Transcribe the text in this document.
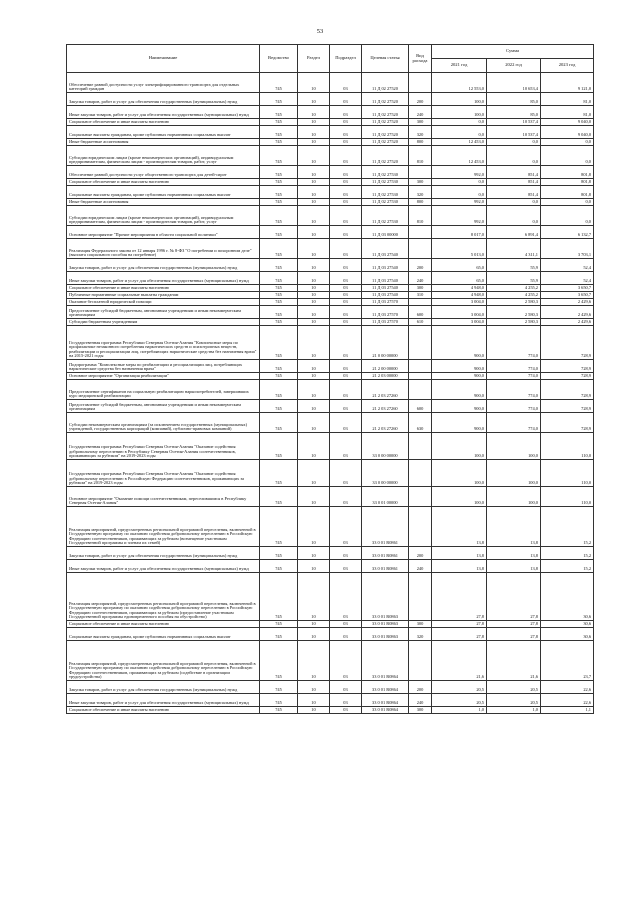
53
Наименование	Ведомство	Раздел	Подраздел	Целевая статья	Вид расхода	Сумма		
						2021 год	2022 год	2023 год
Обеспечение равной доступности услуг электрифицированного транспорта для отдельных категорий граждан	745	10	03	11 Д 02 27520		12 553,0	10 653,4	9 121,0
Закупка товаров, работ и услуг для обеспечения государственных (муниципальных) нужд	745	10	03	11 Д 02 27520	200	100,0	85,0	81,0
Иные закупки товаров, работ и услуг для обеспечения государственных (муниципальных) нужд	745	10	03	11 Д 02 27520	240	100,0	85,0	81,0
Социальное обеспечение и иные выплаты населению	745	10	03	11 Д 02 27520	300	0,0	10 537,4	9 040,0
Социальные выплаты гражданам, кроме публичных нормативных социальных выплат	745	10	03	11 Д 02 27520	320	0,0	10 537,4	9 040,0
Иные бюджетные ассигнования	745	10	03	11 Д 02 27520	800	12 453,0	0,0	0,0
Субсидии юридическим лицам (кроме некоммерческих организаций), индивидуальным предпринимателям, физическим лицам - производителям товаров, работ, услуг	745	10	03	11 Д 02 27520	810	12 453,0	0,0	0,0
Обеспечение равной доступности услуг общественного транспорта для детей-сирот	745	10	03	11 Д 02 27530		992,0	851,4	801,8
Социальное обеспечение и иные выплаты населению	745	10	03	11 Д 02 27530	300	0,0	851,4	801,8
Социальные выплаты гражданам, кроме публичных нормативных социальных выплат	745	10	03	11 Д 02 27530	320	0,0	851,4	801,8
Иные бюджетные ассигнования	745	10	03	11 Д 02 27530	800	992,0	0,0	0,0
Субсидии юридическим лицам (кроме некоммерческих организаций), индивидуальным предпринимателям, физическим лицам - производителям товаров, работ, услуг	745	10	03	11 Д 02 27530	810	992,0	0,0	0,0
Основное мероприятие "Прочие мероприятия в области социальной политики"	745	10	03	11 Д 03 00000		8 017,0	6 891,4	6 132,7
Реализация Федерального закона от 12 января 1996 г. № 8-ФЗ "О погребении и похоронном деле" (выплата социального пособия на погребение)	745	10	03	11 Д 03 27540		5 013,0	4 311,1	3 703,1
Закупка товаров, работ и услуг для обеспечения государственных (муниципальных) нужд	745	10	03	11 Д 03 27540	200	65,0	55,9	52,4
Иные закупки товаров, работ и услуг для обеспечения государственных (муниципальных) нужд	745	10	03	11 Д 03 27540	240	65,0	55,9	52,4
Социальное обеспечение и иные выплаты населению	745	10	03	11 Д 03 27540	300	4 948,0	4 255,2	3 650,7
Публичные нормативные социальные выплаты гражданам	745	10	03	11 Д 03 27540	310	4 948,0	4 255,2	3 650,7
Оказание бесплатной юридической помощи	745	10	03	11 Д 03 27570		3 004,0	2 580,3	2 429,6
Предоставление субсидий бюджетным, автономным учреждениям и иным некоммерческим организациям	745	10	03	11 Д 03 27570	600	3 004,0	2 580,3	2 429,6
Субсидии бюджетным учреждениям	745	10	03	11 Д 03 27570	610	3 004,0	2 580,3	2 429,6
Государственная программа Республики Северная Осетия-Алания "Комплексные меры по профилактике незаконного потребления наркотических средств и психотропных веществ, реабилитации и ресоциализации лиц, потребляющих наркотические средства без назначения врача" на 2015-2021 годы	745	10	03	21 0 00 00000		900,0	774,0	728,9
Подпрограмма "Комплексные меры по реабилитации и ресоциализации лиц, потребляющих наркотические средства без назначения врача"	745	10	03	21 2 00 00000		900,0	774,0	728,9
Основное мероприятие "Организация реабилитации"	745	10	03	21 2 03 00000		900,0	774,0	728,9
Предоставление сертификатов на социальную реабилитацию наркопотребителей, завершивших курс медицинской реабилитации	745	10	03	21 2 03 27260		900,0	774,0	728,9
Предоставление субсидий бюджетным, автономным учреждениям и иным некоммерческим организациям	745	10	03	21 2 03 27260	600	900,0	774,0	728,9
Субсидии некоммерческим организациям (за исключением государственных (муниципальных) учреждений, государственных корпораций (компаний), публично-правовых компаний)	745	10	03	21 2 03 27260	630	900,0	774,0	728,9
Государственная программа Республики Северная Осетия-Алания "Оказание содействия добровольному переселению в Республику Северная Осетия-Алания соотечественников, проживающих за рубежом" на 2019-2023 годы	745	10	03	33 0 00 00000		100,0	100,0	110,0
Государственная программа Республики Северная Осетия-Алания "Оказание содействия добровольному переселению в Российскую Федерацию соотечественников, проживающих за рубежом" на 2019-2023 годы	745	10	03	33 0 00 00000		100,0	100,0	110,0
Основное мероприятие "Оказание помощи соотечественникам, переселившимся в Республику Северная Осетия-Алания"	745	10	03	33 0 01 00000		100,0	100,0	110,0
Реализация мероприятий, предусмотренных региональной программой переселения, включенной в Государственную программу по оказанию содействия добровольному переселению в Российскую Федерацию соотечественников, проживающих за рубежом (возмещение участникам Государственной программы и членам их семей)	745	10	03	33 0 01 R0861		13,8	13,8	15,2
Закупка товаров, работ и услуг для обеспечения государственных (муниципальных) нужд	745	10	03	33 0 01 R0861	200	13,8	13,8	15,2
Иные закупки товаров, работ и услуг для обеспечения государственных (муниципальных) нужд	745	10	03	33 0 01 R0861	240	13,8	13,8	15,2
Реализация мероприятий, предусмотренных региональной программой переселения, включенной в Государственную программу по оказанию содействия добровольному переселению в Российскую Федерацию соотечественников, проживающих за рубежом (предоставление участникам Государственной программы единовременного пособия на обустройство)	745	10	03	33 0 01 R0863		27,8	27,8	30,6
Социальное обеспечение и иные выплаты населению	745	10	03	33 0 01 R0863	300	27,8	27,8	30,6
Социальные выплаты гражданам, кроме публичных нормативных социальных выплат	745	10	03	33 0 01 R0863	320	27,8	27,8	30,6
Реализация мероприятий, предусмотренных региональной программой переселения, включенной в Государственную программу по оказанию содействия добровольному переселению в Российскую Федерацию соотечественников, проживающих за рубежом (содействие в организации трудоустройства)	745	10	03	33 0 01 R0864		21,6	21,6	23,7
Закупка товаров, работ и услуг для обеспечения государственных (муниципальных) нужд	745	10	03	33 0 01 R0864	200	20,5	20,5	22,6
Иные закупки товаров, работ и услуг для обеспечения государственных (муниципальных) нужд	745	10	03	33 0 01 R0864	240	20,5	20,5	22,6
Социальное обеспечение и иные выплаты населению	745	10	03	33 0 01 R0864	300	1,0	1,0	1,1
